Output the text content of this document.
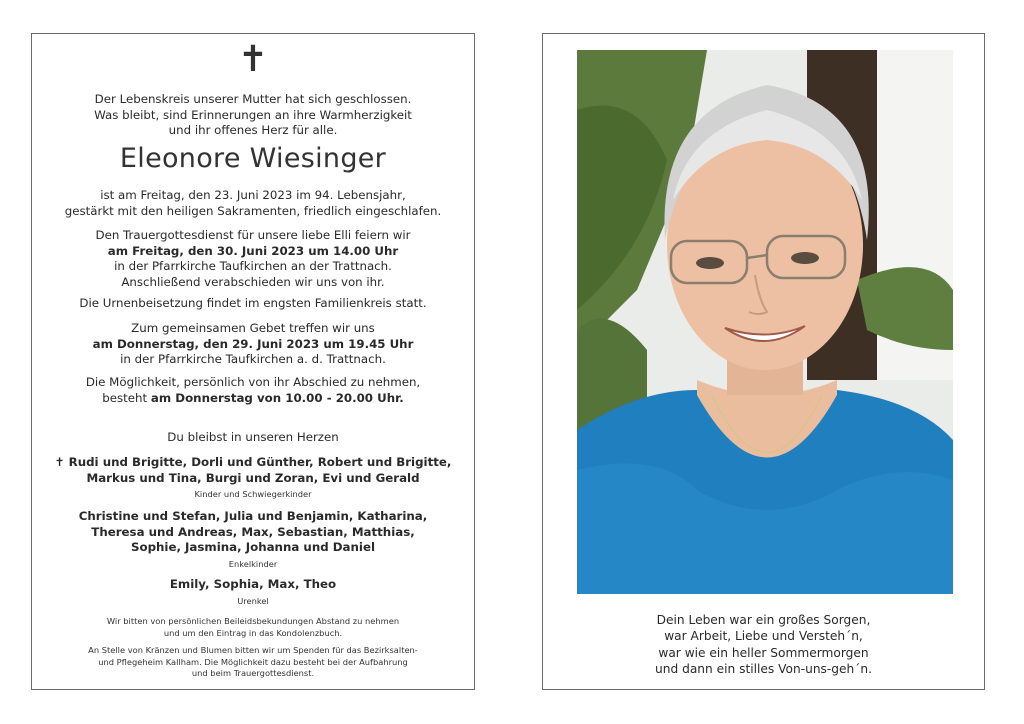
✝
Der Lebenskreis unserer Mutter hat sich geschlossen.
Was bleibt, sind Erinnerungen an ihre Warmherzigkeit
und ihr offenes Herz für alle.
Eleonore Wiesinger
ist am Freitag, den 23. Juni 2023 im 94. Lebensjahr,
gestärkt mit den heiligen Sakramenten, friedlich eingeschlafen.
Den Trauergottesdienst für unsere liebe Elli feiern wir
am Freitag, den 30. Juni 2023 um 14.00 Uhr
in der Pfarrkirche Taufkirchen an der Trattnach.
Anschließend verabschieden wir uns von ihr.
Die Urnenbeisetzung findet im engsten Familienkreis statt.
Zum gemeinsamen Gebet treffen wir uns
am Donnerstag, den 29. Juni 2023 um 19.45 Uhr
in der Pfarrkirche Taufkirchen a. d. Trattnach.
Die Möglichkeit, persönlich von ihr Abschied zu nehmen,
besteht am Donnerstag von 10.00 - 20.00 Uhr.
Du bleibst in unseren Herzen
✝ Rudi und Brigitte, Dorli und Günther, Robert und Brigitte,
Markus und Tina, Burgi und Zoran, Evi und Gerald
Kinder und Schwiegerkinder
Christine und Stefan, Julia und Benjamin, Katharina,
Theresa und Andreas, Max, Sebastian, Matthias,
Sophie, Jasmina, Johanna und Daniel
Enkelkinder
Emily, Sophia, Max, Theo
Urenkel
Wir bitten von persönlichen Beileidsbekundungen Abstand zu nehmen
und um den Eintrag in das Kondolenzbuch.
An Stelle von Kränzen und Blumen bitten wir um Spenden für das Bezirksalten-
und Pflegeheim Kallham. Die Möglichkeit dazu besteht bei der Aufbahrung
und beim Trauergottesdienst.
Dein Leben war ein großes Sorgen,
war Arbeit, Liebe und Versteh´n,
war wie ein heller Sommermorgen
und dann ein stilles Von-uns-geh´n.
